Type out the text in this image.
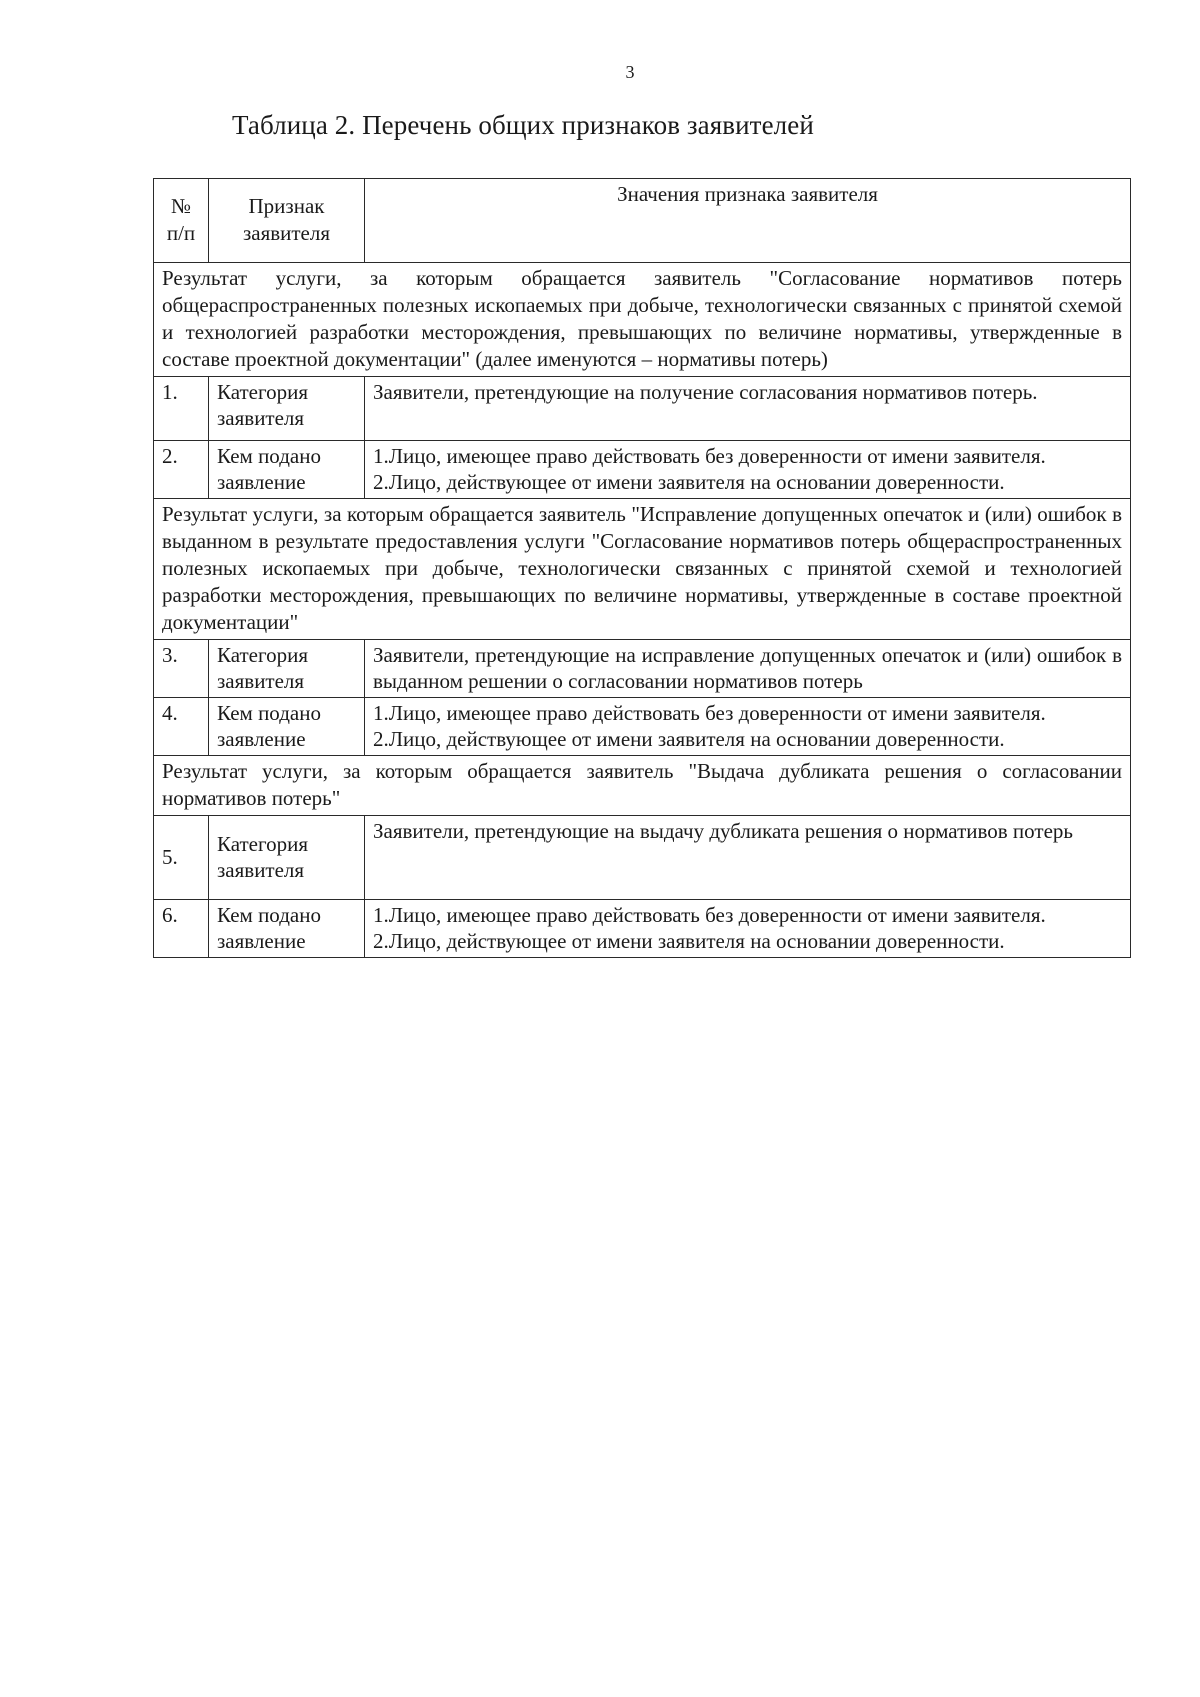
3
Таблица 2. Перечень общих признаков заявителей
№ п/п	Признак заявителя	Значения признака заявителя
Результат услуги, за которым обращается заявитель "Согласование нормативов потерь общераспространенных полезных ископаемых при добыче, технологически связанных с принятой схемой и технологией разработки месторождения, превышающих по величине нормативы, утвержденные в составе проектной документации" (далее именуются – нормативы потерь)		
1.	Категория заявителя	Заявители, претендующие на получение согласования нормативов потерь.

2.	Кем подано заявление	1.Лицо, имеющее право действовать без доверенности от имени заявителя.
2.Лицо, действующее от имени заявителя на основании доверенности.

Результат услуги, за которым обращается заявитель "Исправление допущенных опечаток и (или) ошибок в выданном в результате предоставления услуги "Согласование нормативов потерь общераспространенных полезных ископаемых при добыче, технологически связанных с принятой схемой и технологией разработки месторождения, превышающих по величине нормативы, утвержденные в составе проектной документации"		
3.	Категория заявителя	Заявители, претендующие на исправление допущенных опечаток и (или) ошибок в выданном решении о согласовании нормативов потерь

4.	Кем подано заявление	1.Лицо, имеющее право действовать без доверенности от имени заявителя.
2.Лицо, действующее от имени заявителя на основании доверенности.

Результат услуги, за которым обращается заявитель "Выдача дубликата решения о согласовании нормативов потерь"		
5.	Категория заявителя	Заявители, претендующие на выдачу дубликата решения о нормативов потерь

6.	Кем подано заявление	1.Лицо, имеющее право действовать без доверенности от имени заявителя.
2.Лицо, действующее от имени заявителя на основании доверенности.
